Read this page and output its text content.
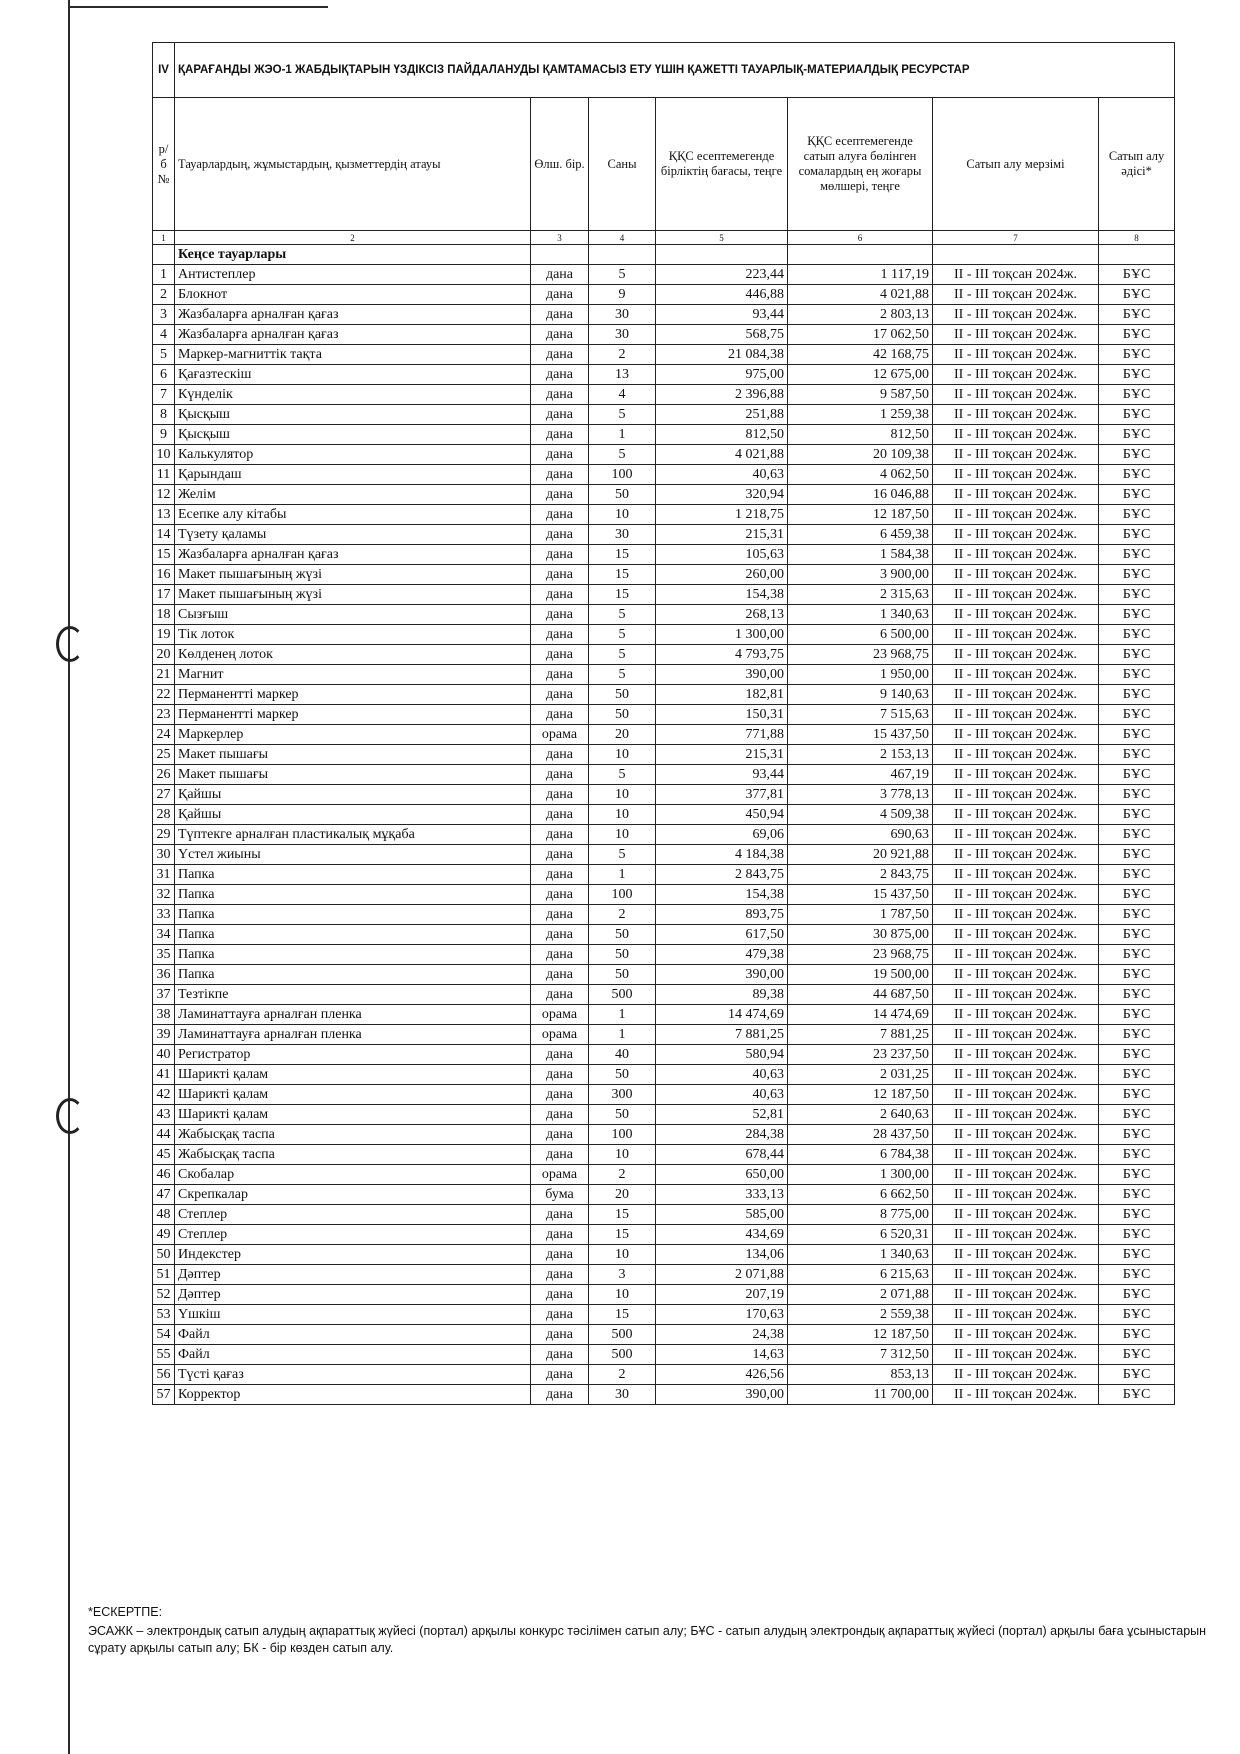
IV	ҚАРАҒАНДЫ ЖЭО-1 ЖАБДЫҚТАРЫН ҮЗДІКСІЗ ПАЙДАЛАНУДЫ ҚАМТАМАСЫЗ ЕТУ ҮШІН ҚАЖЕТТІ ТАУАРЛЫҚ-МАТЕРИАЛДЫҚ РЕСУРСТАР						
р/б №	Тауарлардың, жұмыстардың, қызметтердің атауы	Өлш. бір.	Саны	ҚҚС есептемегенде бірліктің бағасы, теңге	ҚҚС есептемегенде сатып алуға бөлінген сомалардың ең жоғары мөлшері, теңге	Сатып алу мерзімі	Сатып алу әдісі*
1	2	3	4	5	6	7	8
	Кеңсе тауарлары						
1	Антистеплер	дана	5	223,44	1 117,19	II - III тоқсан 2024ж.	БҰС
2	Блокнот	дана	9	446,88	4 021,88	II - III тоқсан 2024ж.	БҰС
3	Жазбаларға арналған қағаз	дана	30	93,44	2 803,13	II - III тоқсан 2024ж.	БҰС
4	Жазбаларға арналған қағаз	дана	30	568,75	17 062,50	II - III тоқсан 2024ж.	БҰС
5	Маркер-магниттік тақта	дана	2	21 084,38	42 168,75	II - III тоқсан 2024ж.	БҰС
6	Қағазтескіш	дана	13	975,00	12 675,00	II - III тоқсан 2024ж.	БҰС
7	Күнделік	дана	4	2 396,88	9 587,50	II - III тоқсан 2024ж.	БҰС
8	Қысқыш	дана	5	251,88	1 259,38	II - III тоқсан 2024ж.	БҰС
9	Қысқыш	дана	1	812,50	812,50	II - III тоқсан 2024ж.	БҰС
10	Калькулятор	дана	5	4 021,88	20 109,38	II - III тоқсан 2024ж.	БҰС
11	Қарындаш	дана	100	40,63	4 062,50	II - III тоқсан 2024ж.	БҰС
12	Желім	дана	50	320,94	16 046,88	II - III тоқсан 2024ж.	БҰС
13	Есепке алу кітабы	дана	10	1 218,75	12 187,50	II - III тоқсан 2024ж.	БҰС
14	Түзету қаламы	дана	30	215,31	6 459,38	II - III тоқсан 2024ж.	БҰС
15	Жазбаларға арналған қағаз	дана	15	105,63	1 584,38	II - III тоқсан 2024ж.	БҰС
16	Макет пышағының жүзі	дана	15	260,00	3 900,00	II - III тоқсан 2024ж.	БҰС
17	Макет пышағының жүзі	дана	15	154,38	2 315,63	II - III тоқсан 2024ж.	БҰС
18	Сызғыш	дана	5	268,13	1 340,63	II - III тоқсан 2024ж.	БҰС
19	Тік лоток	дана	5	1 300,00	6 500,00	II - III тоқсан 2024ж.	БҰС
20	Көлденең лоток	дана	5	4 793,75	23 968,75	II - III тоқсан 2024ж.	БҰС
21	Магнит	дана	5	390,00	1 950,00	II - III тоқсан 2024ж.	БҰС
22	Перманентті маркер	дана	50	182,81	9 140,63	II - III тоқсан 2024ж.	БҰС
23	Перманентті маркер	дана	50	150,31	7 515,63	II - III тоқсан 2024ж.	БҰС
24	Маркерлер	орама	20	771,88	15 437,50	II - III тоқсан 2024ж.	БҰС
25	Макет пышағы	дана	10	215,31	2 153,13	II - III тоқсан 2024ж.	БҰС
26	Макет пышағы	дана	5	93,44	467,19	II - III тоқсан 2024ж.	БҰС
27	Қайшы	дана	10	377,81	3 778,13	II - III тоқсан 2024ж.	БҰС
28	Қайшы	дана	10	450,94	4 509,38	II - III тоқсан 2024ж.	БҰС
29	Түптекге арналған пластикалық мұқаба	дана	10	69,06	690,63	II - III тоқсан 2024ж.	БҰС
30	Үстел жиыны	дана	5	4 184,38	20 921,88	II - III тоқсан 2024ж.	БҰС
31	Папка	дана	1	2 843,75	2 843,75	II - III тоқсан 2024ж.	БҰС
32	Папка	дана	100	154,38	15 437,50	II - III тоқсан 2024ж.	БҰС
33	Папка	дана	2	893,75	1 787,50	II - III тоқсан 2024ж.	БҰС
34	Папка	дана	50	617,50	30 875,00	II - III тоқсан 2024ж.	БҰС
35	Папка	дана	50	479,38	23 968,75	II - III тоқсан 2024ж.	БҰС
36	Папка	дана	50	390,00	19 500,00	II - III тоқсан 2024ж.	БҰС
37	Тезтікпе	дана	500	89,38	44 687,50	II - III тоқсан 2024ж.	БҰС
38	Ламинаттауға арналған пленка	орама	1	14 474,69	14 474,69	II - III тоқсан 2024ж.	БҰС
39	Ламинаттауға арналған пленка	орама	1	7 881,25	7 881,25	II - III тоқсан 2024ж.	БҰС
40	Регистратор	дана	40	580,94	23 237,50	II - III тоқсан 2024ж.	БҰС
41	Шарикті қалам	дана	50	40,63	2 031,25	II - III тоқсан 2024ж.	БҰС
42	Шарикті қалам	дана	300	40,63	12 187,50	II - III тоқсан 2024ж.	БҰС
43	Шарикті қалам	дана	50	52,81	2 640,63	II - III тоқсан 2024ж.	БҰС
44	Жабысқақ таспа	дана	100	284,38	28 437,50	II - III тоқсан 2024ж.	БҰС
45	Жабысқақ таспа	дана	10	678,44	6 784,38	II - III тоқсан 2024ж.	БҰС
46	Скобалар	орама	2	650,00	1 300,00	II - III тоқсан 2024ж.	БҰС
47	Скрепкалар	бума	20	333,13	6 662,50	II - III тоқсан 2024ж.	БҰС
48	Степлер	дана	15	585,00	8 775,00	II - III тоқсан 2024ж.	БҰС
49	Степлер	дана	15	434,69	6 520,31	II - III тоқсан 2024ж.	БҰС
50	Индекстер	дана	10	134,06	1 340,63	II - III тоқсан 2024ж.	БҰС
51	Дәптер	дана	3	2 071,88	6 215,63	II - III тоқсан 2024ж.	БҰС
52	Дәптер	дана	10	207,19	2 071,88	II - III тоқсан 2024ж.	БҰС
53	Үшкіш	дана	15	170,63	2 559,38	II - III тоқсан 2024ж.	БҰС
54	Файл	дана	500	24,38	12 187,50	II - III тоқсан 2024ж.	БҰС
55	Файл	дана	500	14,63	7 312,50	II - III тоқсан 2024ж.	БҰС
56	Түсті қағаз	дана	2	426,56	853,13	II - III тоқсан 2024ж.	БҰС
57	Корректор	дана	30	390,00	11 700,00	II - III тоқсан 2024ж.	БҰС
*ЕСКЕРТПЕ:
ЭСАЖК – электрондық сатып алудың ақпараттық жүйесі (портал) арқылы конкурс тәсілімен сатып алу; БҰС - сатып алудың электрондық ақпараттық жүйесі (портал) арқылы баға ұсыныстарын сұрату арқылы сатып алу; БК - бір көзден сатып алу.
